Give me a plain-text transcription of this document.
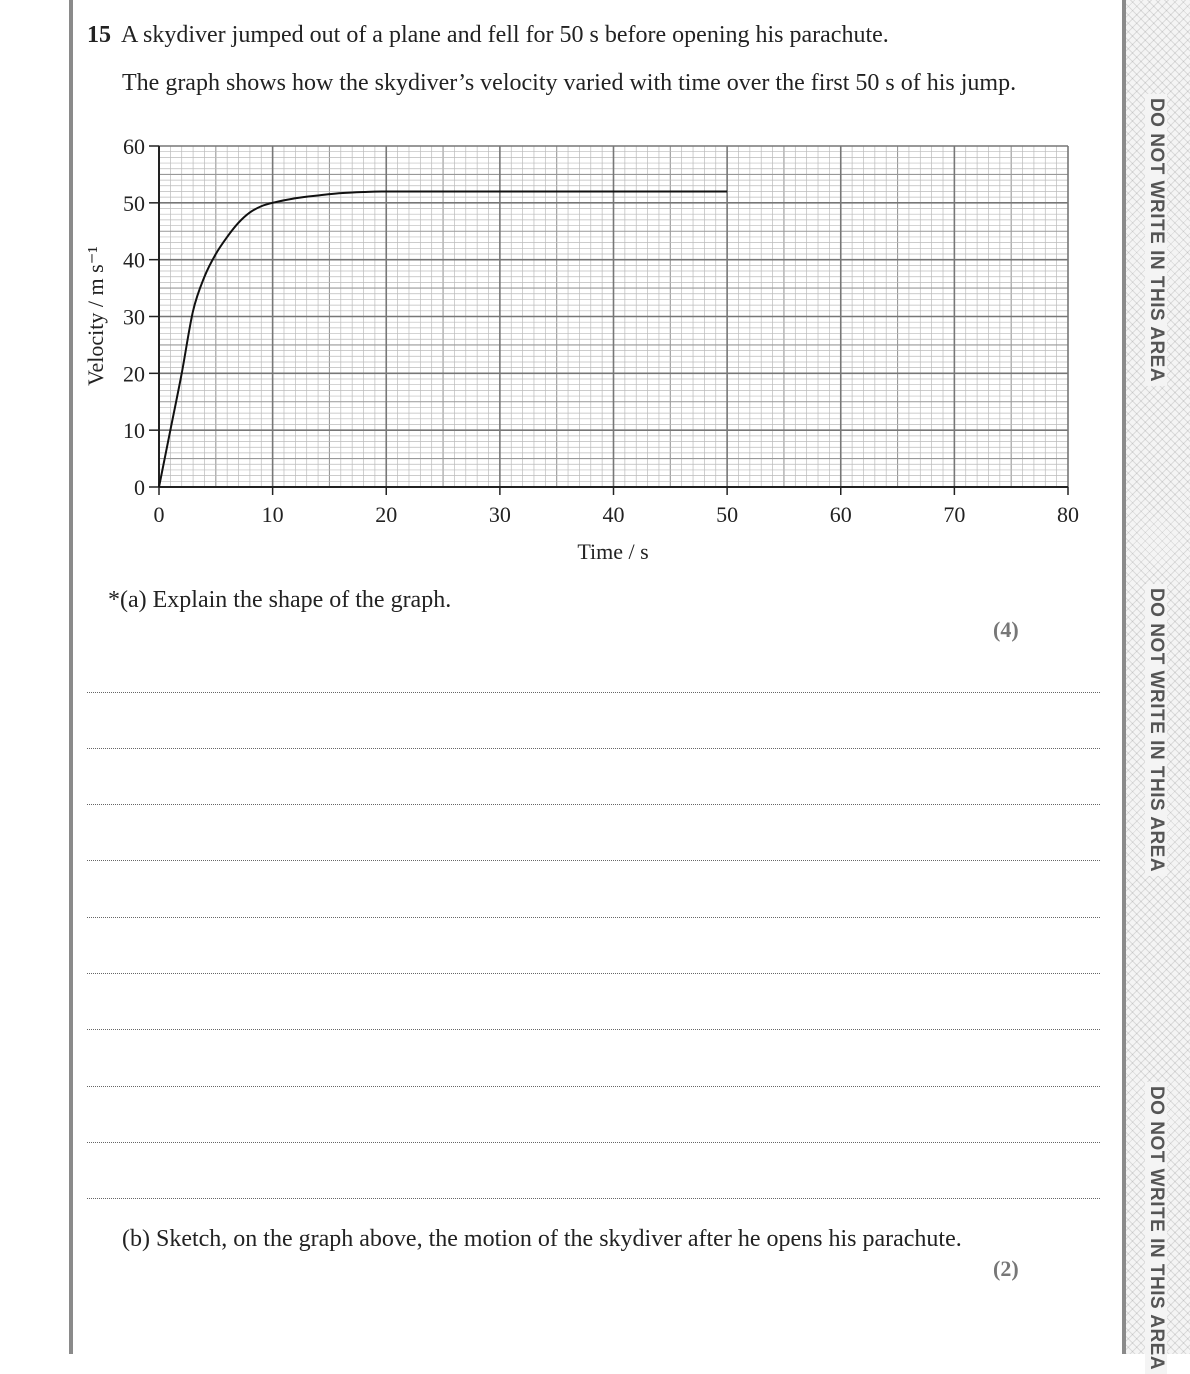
DO NOT WRITE IN THIS AREA
DO NOT WRITE IN THIS AREA
DO NOT WRITE IN THIS AREA
15 A skydiver jumped out of a plane and fell for 50 s before opening his parachute.
The graph shows how the skydiver’s velocity varied with time over the first 50 s of his jump.
0	10	20	30	40	50	60	70	80
0
10
20
30
40
50
60
Time / s
Velocity / m s⁻¹
*(a) Explain the shape of the graph.
(4)
(b) Sketch, on the graph above, the motion of the skydiver after he opens his parachute.
(2)
